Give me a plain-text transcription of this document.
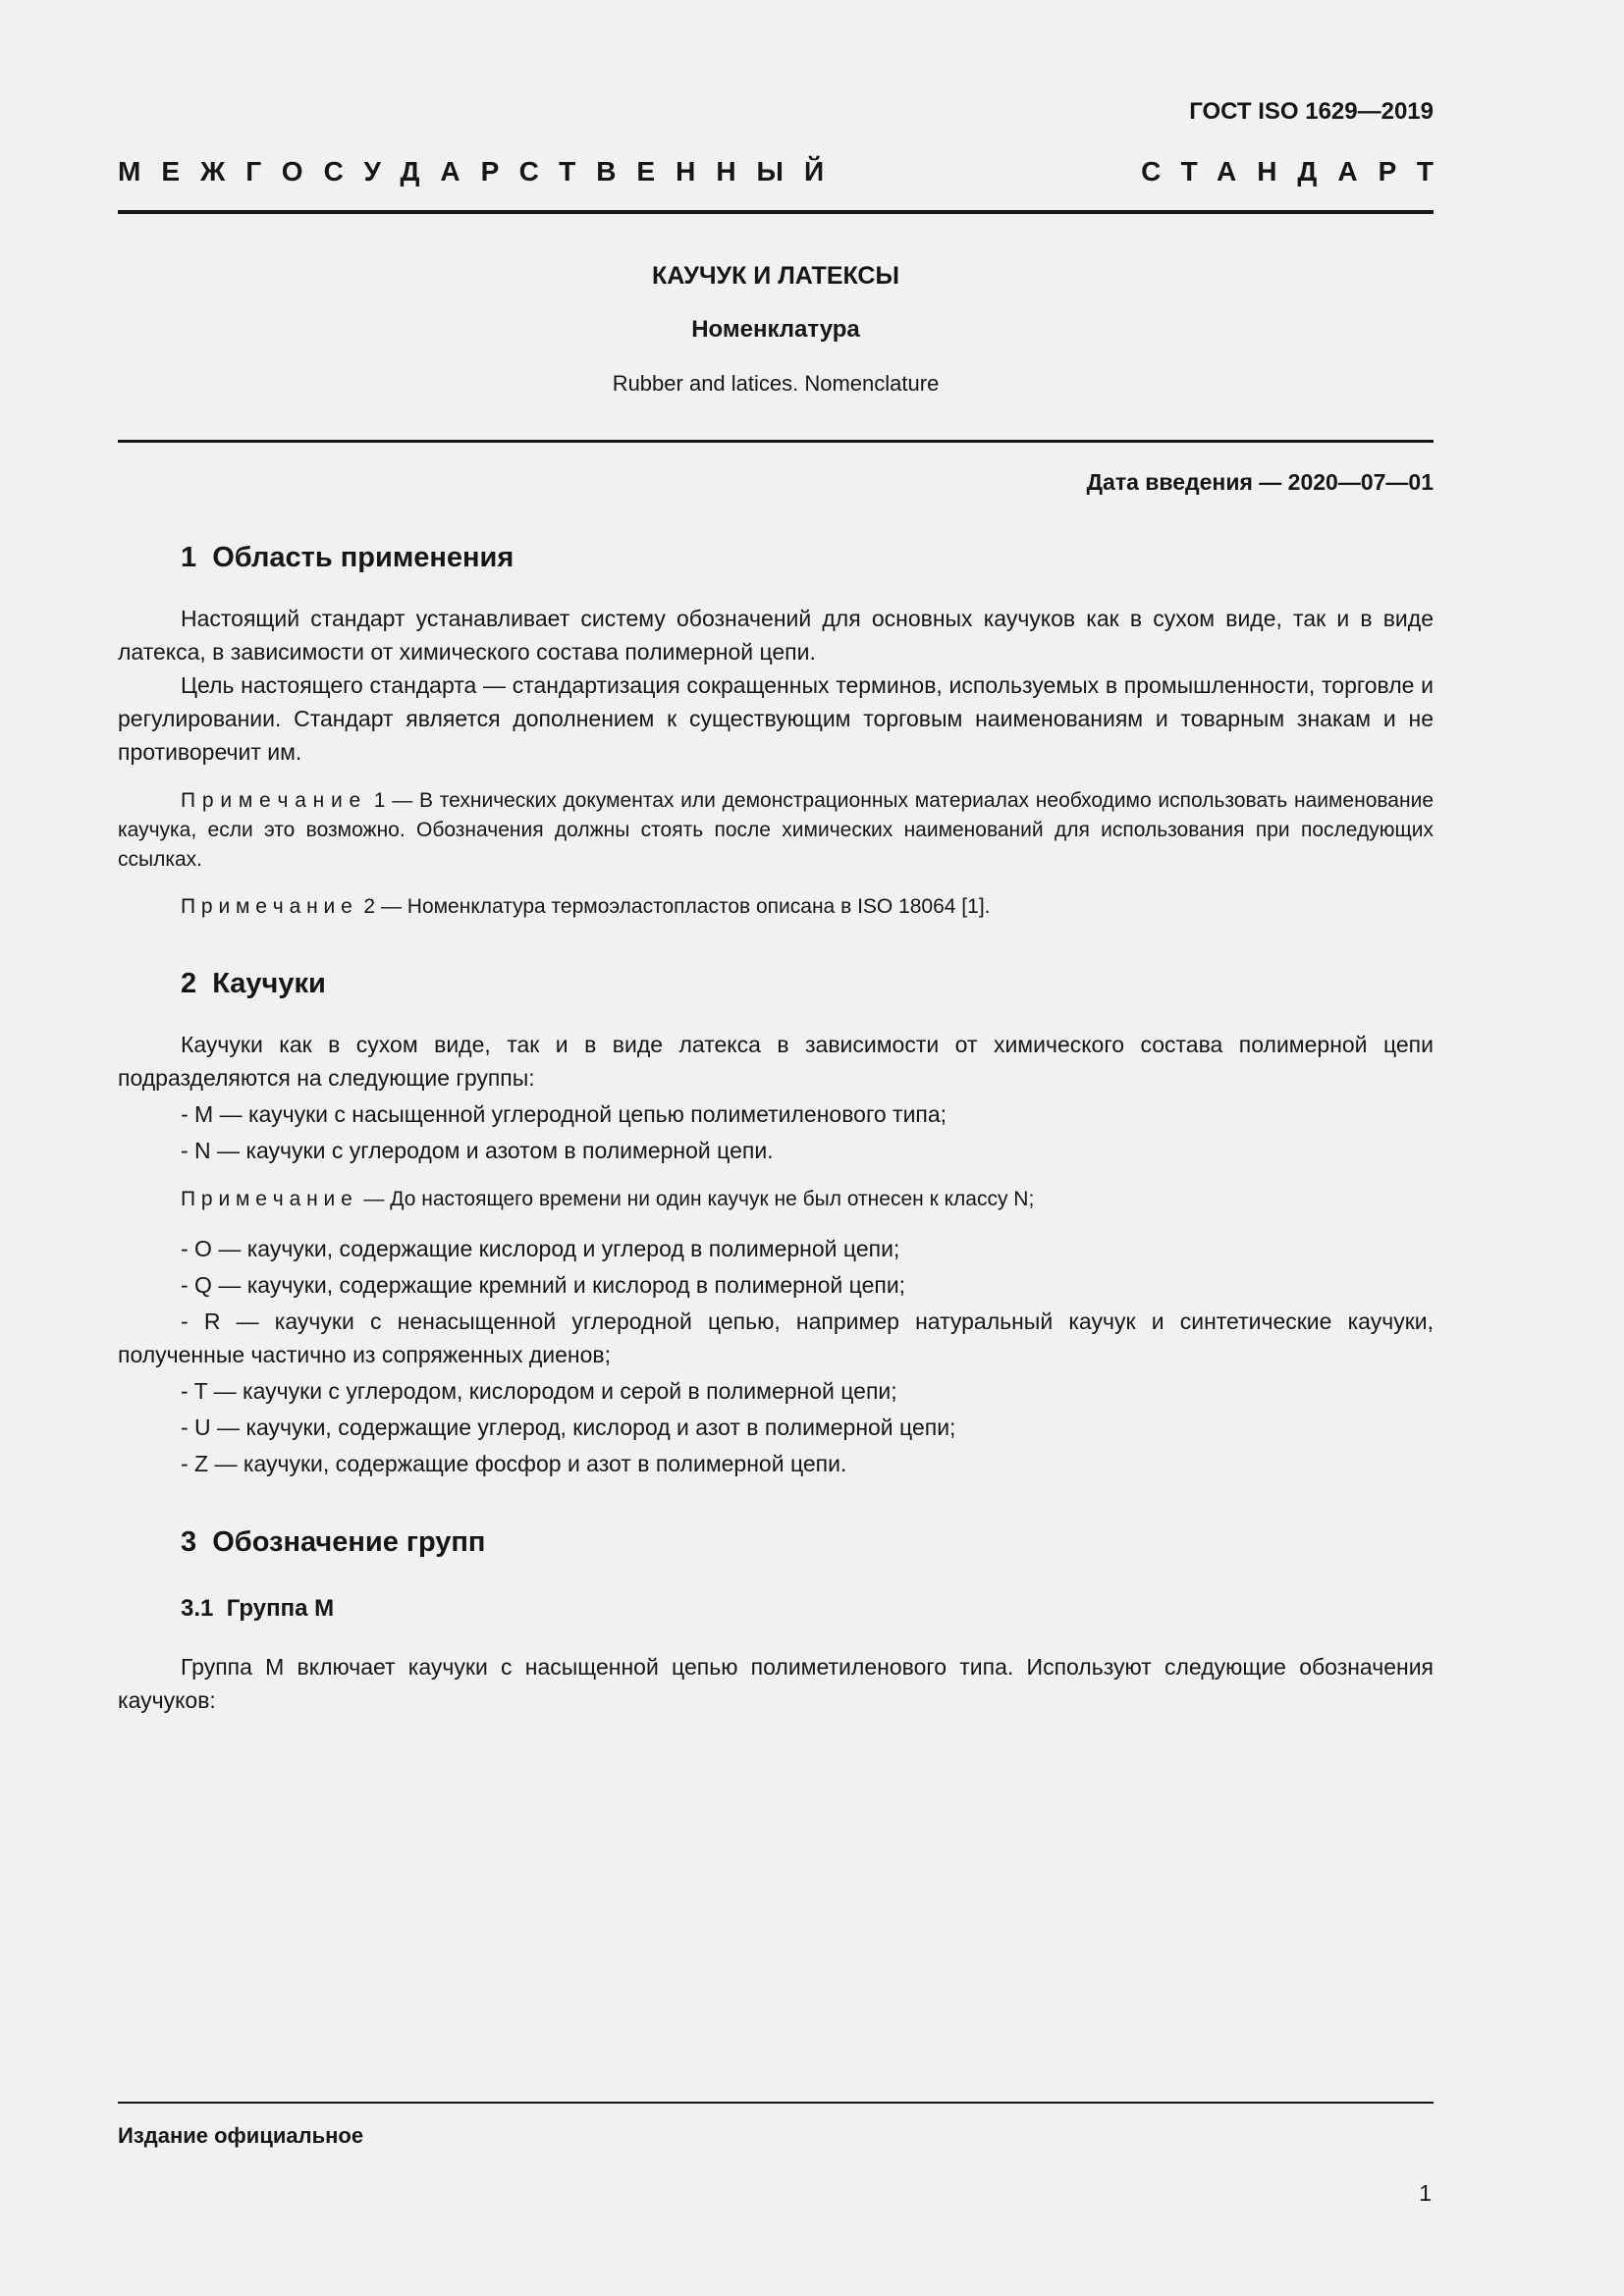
ГОСТ ISO 1629—2019
МЕЖГОСУДАРСТВЕННЫЙ	СТАНДАРТ
КАУЧУК И ЛАТЕКСЫ
Номенклатура
Rubber and latices. Nomenclature
Дата введения — 2020—07—01
1  Область применения

Настоящий стандарт устанавливает систему обозначений для основных каучуков как в сухом виде, так и в виде латекса, в зависимости от химического состава полимерной цепи.

Цель настоящего стандарта — стандартизация сокращенных терминов, используемых в промышленности, торговле и регулировании. Стандарт является дополнением к существующим торговым наименованиям и товарным знакам и не противоречит им.

П р и м е ч а н и е  1 — В технических документах или демонстрационных материалах необходимо использовать наименование каучука, если это возможно. Обозначения должны стоять после химических наименований для использования при последующих ссылках.

П р и м е ч а н и е  2 — Номенклатура термоэластопластов описана в ISO 18064 [1].

2  Каучуки

Каучуки как в сухом виде, так и в виде латекса в зависимости от химического состава полимерной цепи подразделяются на следующие группы:

- M — каучуки с насыщенной углеродной цепью полиметиленового типа;

- N — каучуки с углеродом и азотом в полимерной цепи.

П р и м е ч а н и е  — До настоящего времени ни один каучук не был отнесен к классу N;

- O — каучуки, содержащие кислород и углерод в полимерной цепи;

- Q — каучуки, содержащие кремний и кислород в полимерной цепи;

- R — каучуки с ненасыщенной углеродной цепью, например натуральный каучук и синтетические каучуки, полученные частично из сопряженных диенов;

- T — каучуки с углеродом, кислородом и серой в полимерной цепи;

- U — каучуки, содержащие углерод, кислород и азот в полимерной цепи;

- Z — каучуки, содержащие фосфор и азот в полимерной цепи.

3  Обозначение групп
3.1  Группа M

Группа M включает каучуки с насыщенной цепью полиметиленового типа. Используют следующие обозначения каучуков:

Издание официальное
1
